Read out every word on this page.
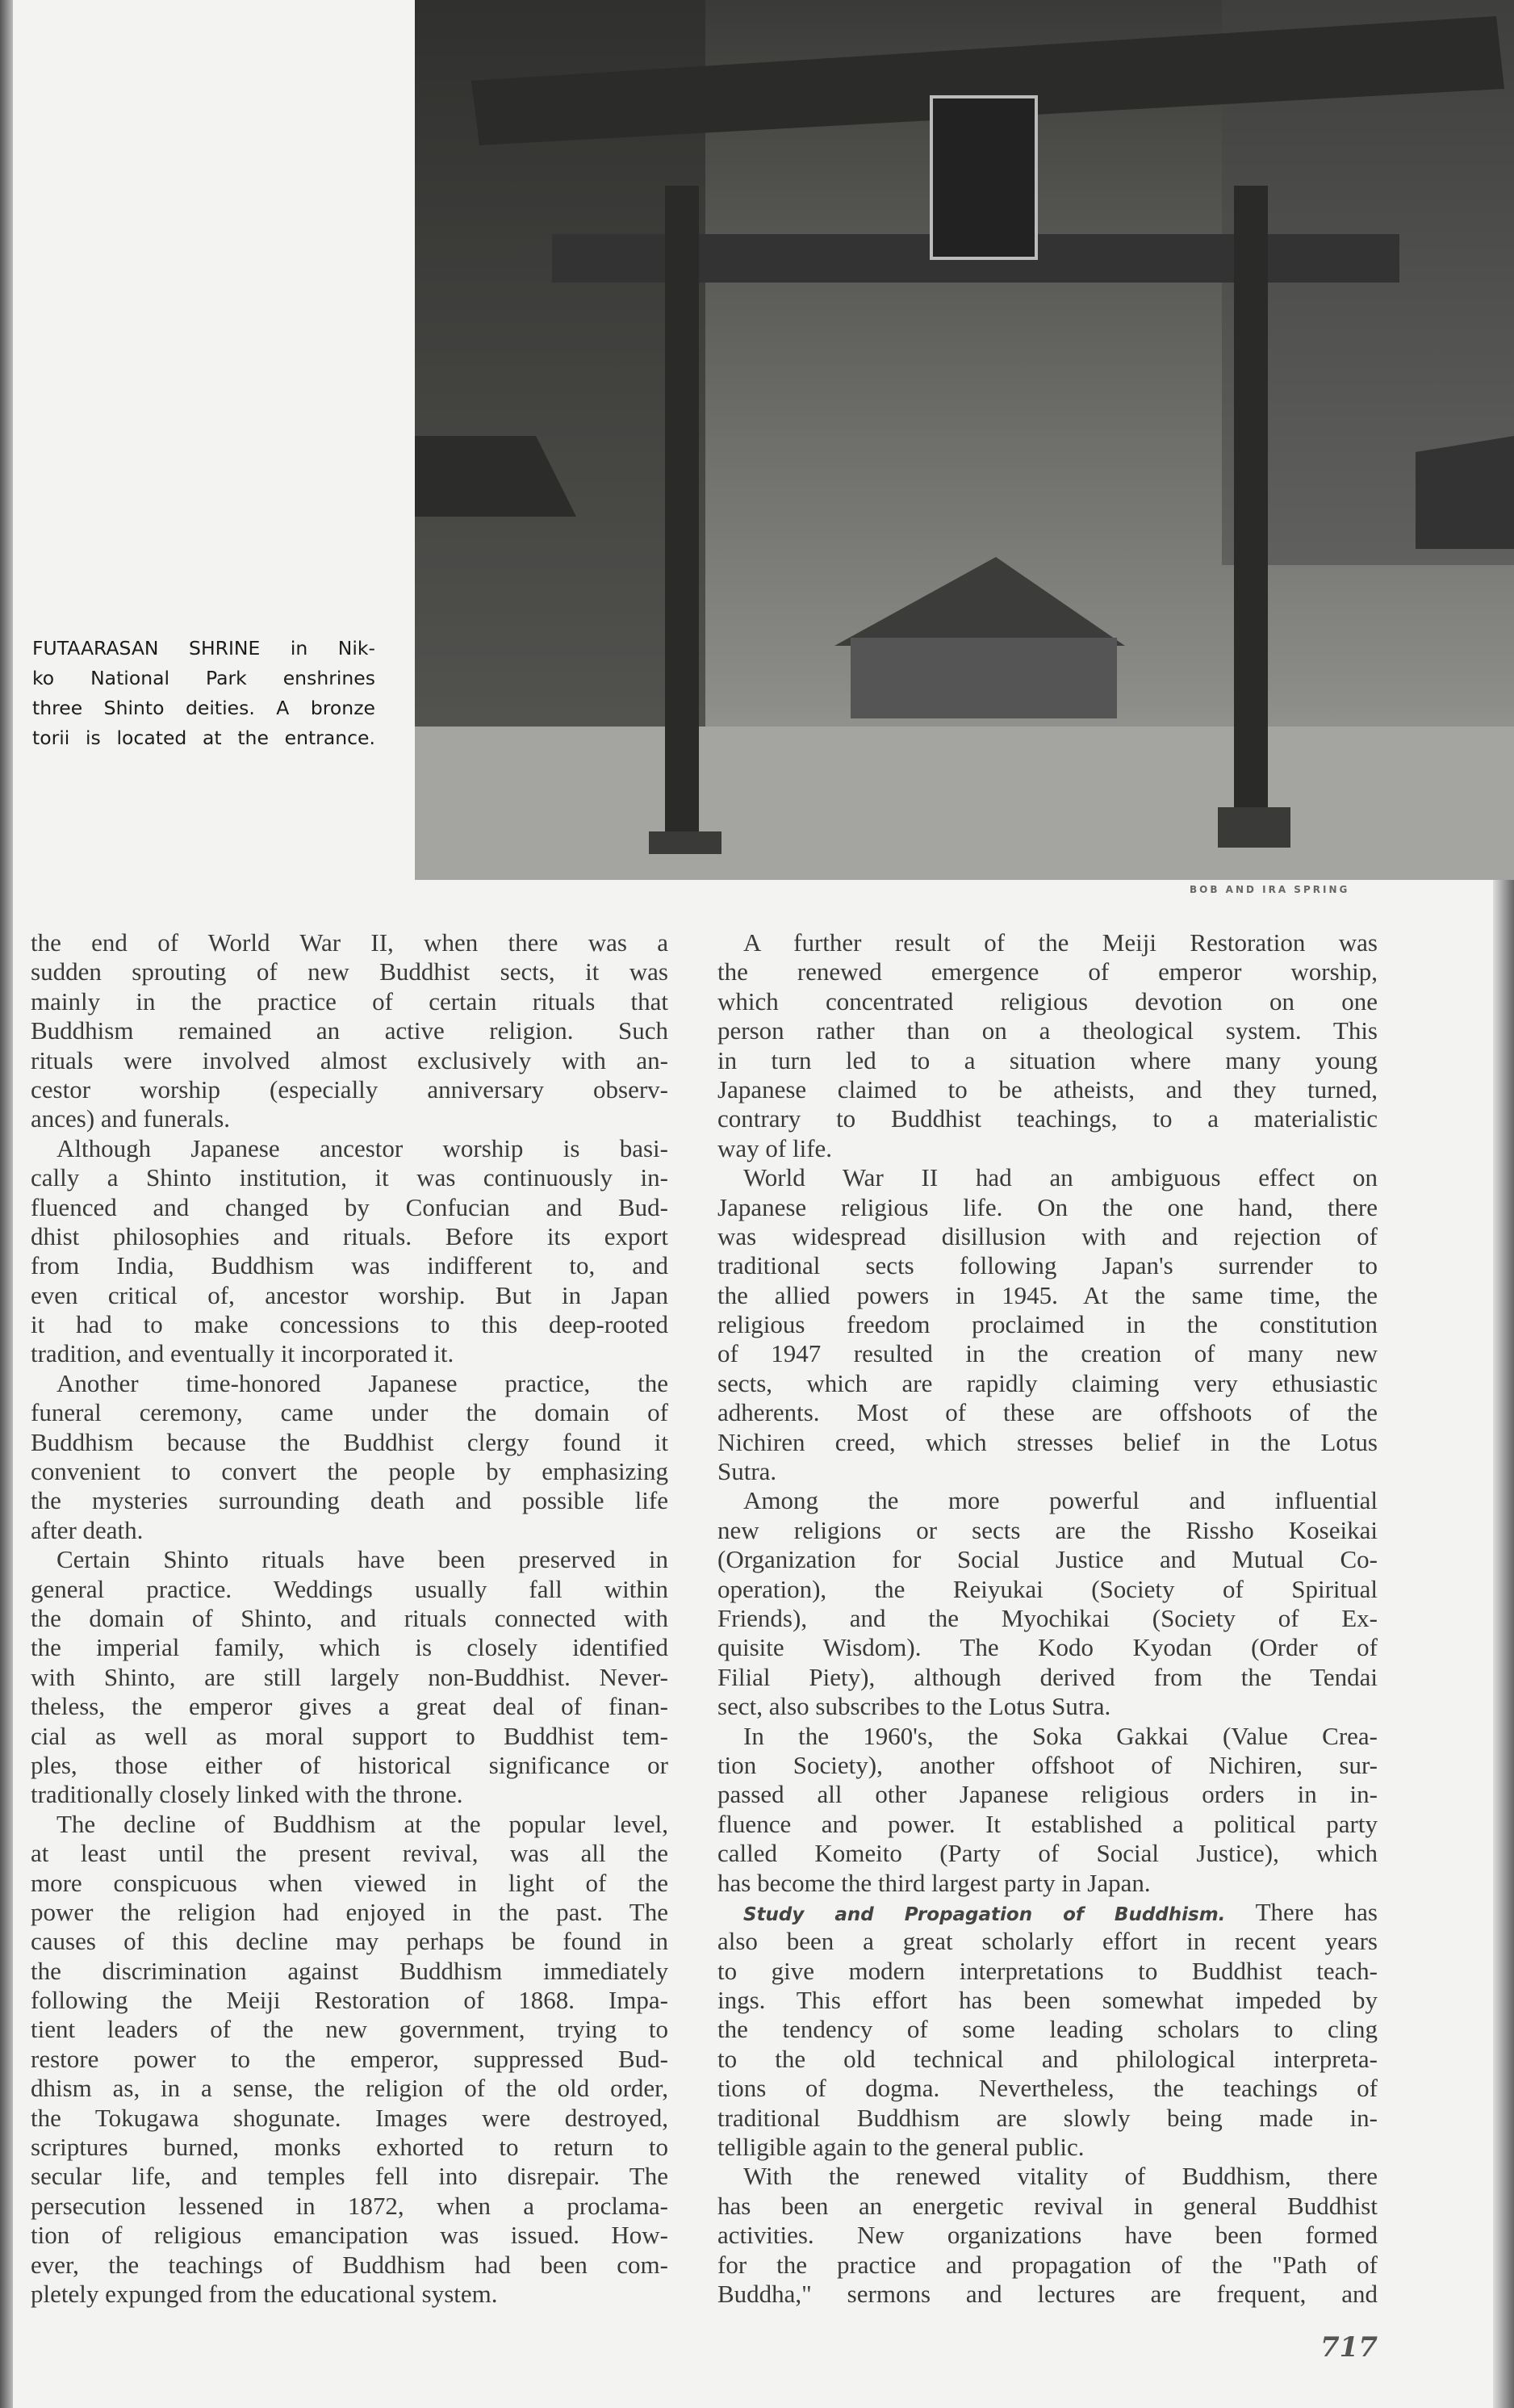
FUTAARASAN SHRINE in Nik-
ko National Park enshrines
three Shinto deities. A bronze
torii is located at the entrance.
BOB AND IRA SPRING
the end of World War II, when there was a
sudden sprouting of new Buddhist sects, it was
mainly in the practice of certain rituals that
Buddhism remained an active religion. Such
rituals were involved almost exclusively with an-
cestor worship (especially anniversary observ-
ances) and funerals.
Although Japanese ancestor worship is basi-
cally a Shinto institution, it was continuously in-
fluenced and changed by Confucian and Bud-
dhist philosophies and rituals. Before its export
from India, Buddhism was indifferent to, and
even critical of, ancestor worship. But in Japan
it had to make concessions to this deep-rooted
tradition, and eventually it incorporated it.
Another time-honored Japanese practice, the
funeral ceremony, came under the domain of
Buddhism because the Buddhist clergy found it
convenient to convert the people by emphasizing
the mysteries surrounding death and possible life
after death.
Certain Shinto rituals have been preserved in
general practice. Weddings usually fall within
the domain of Shinto, and rituals connected with
the imperial family, which is closely identified
with Shinto, are still largely non-Buddhist. Never-
theless, the emperor gives a great deal of finan-
cial as well as moral support to Buddhist tem-
ples, those either of historical significance or
traditionally closely linked with the throne.
The decline of Buddhism at the popular level,
at least until the present revival, was all the
more conspicuous when viewed in light of the
power the religion had enjoyed in the past. The
causes of this decline may perhaps be found in
the discrimination against Buddhism immediately
following the Meiji Restoration of 1868. Impa-
tient leaders of the new government, trying to
restore power to the emperor, suppressed Bud-
dhism as, in a sense, the religion of the old order,
the Tokugawa shogunate. Images were destroyed,
scriptures burned, monks exhorted to return to
secular life, and temples fell into disrepair. The
persecution lessened in 1872, when a proclama-
tion of religious emancipation was issued. How-
ever, the teachings of Buddhism had been com-
pletely expunged from the educational system.
A further result of the Meiji Restoration was
the renewed emergence of emperor worship,
which concentrated religious devotion on one
person rather than on a theological system. This
in turn led to a situation where many young
Japanese claimed to be atheists, and they turned,
contrary to Buddhist teachings, to a materialistic
way of life.
World War II had an ambiguous effect on
Japanese religious life. On the one hand, there
was widespread disillusion with and rejection of
traditional sects following Japan's surrender to
the allied powers in 1945. At the same time, the
religious freedom proclaimed in the constitution
of 1947 resulted in the creation of many new
sects, which are rapidly claiming very ethusiastic
adherents. Most of these are offshoots of the
Nichiren creed, which stresses belief in the Lotus
Sutra.
Among the more powerful and influential
new religions or sects are the Rissho Koseikai
(Organization for Social Justice and Mutual Co-
operation), the Reiyukai (Society of Spiritual
Friends), and the Myochikai (Society of Ex-
quisite Wisdom). The Kodo Kyodan (Order of
Filial Piety), although derived from the Tendai
sect, also subscribes to the Lotus Sutra.
In the 1960's, the Soka Gakkai (Value Crea-
tion Society), another offshoot of Nichiren, sur-
passed all other Japanese religious orders in in-
fluence and power. It established a political party
called Komeito (Party of Social Justice), which
has become the third largest party in Japan.
Study and Propagation of Buddhism. There has
also been a great scholarly effort in recent years
to give modern interpretations to Buddhist teach-
ings. This effort has been somewhat impeded by
the tendency of some leading scholars to cling
to the old technical and philological interpreta-
tions of dogma. Nevertheless, the teachings of
traditional Buddhism are slowly being made in-
telligible again to the general public.
With the renewed vitality of Buddhism, there
has been an energetic revival in general Buddhist
activities. New organizations have been formed
for the practice and propagation of the "Path of
Buddha," sermons and lectures are frequent, and
717
